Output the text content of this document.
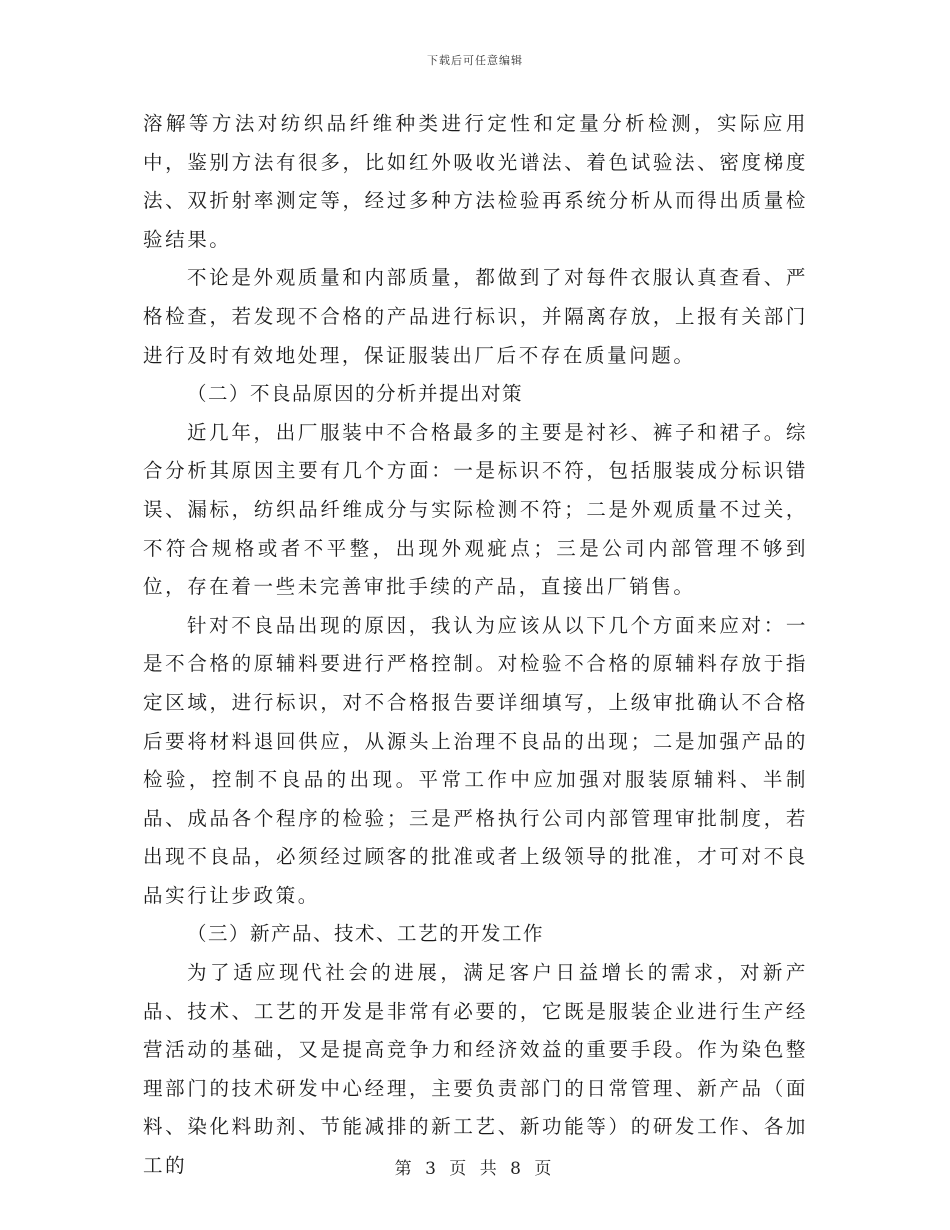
下载后可任意编辑

溶解等方法对纺织品纤维种类进行定性和定量分析检测，实际应用中，鉴别方法有很多，比如红外吸收光谱法、着色试验法、密度梯度法、双折射率测定等，经过多种方法检验再系统分析从而得出质量检验结果。

不论是外观质量和内部质量，都做到了对每件衣服认真查看、严格检查，若发现不合格的产品进行标识，并隔离存放，上报有关部门进行及时有效地处理，保证服装出厂后不存在质量问题。

（二）不良品原因的分析并提出对策

近几年，出厂服装中不合格最多的主要是衬衫、裤子和裙子。综合分析其原因主要有几个方面：一是标识不符，包括服装成分标识错误、漏标，纺织品纤维成分与实际检测不符；二是外观质量不过关，不符合规格或者不平整，出现外观疵点；三是公司内部管理不够到位，存在着一些未完善审批手续的产品，直接出厂销售。

针对不良品出现的原因，我认为应该从以下几个方面来应对：一是不合格的原辅料要进行严格控制。对检验不合格的原辅料存放于指定区域，进行标识，对不合格报告要详细填写，上级审批确认不合格后要将材料退回供应，从源头上治理不良品的出现；二是加强产品的检验，控制不良品的出现。平常工作中应加强对服装原辅料、半制品、成品各个程序的检验；三是严格执行公司内部管理审批制度，若出现不良品，必须经过顾客的批准或者上级领导的批准，才可对不良品实行让步政策。

（三）新产品、技术、工艺的开发工作

为了适应现代社会的进展，满足客户日益增长的需求，对新产品、技术、工艺的开发是非常有必要的，它既是服装企业进行生产经营活动的基础，又是提高竞争力和经济效益的重要手段。作为染色整理部门的技术研发中心经理，主要负责部门的日常管理、新产品（面料、染化料助剂、节能减排的新工艺、新功能等）的研发工作、各加工的	第 3 页 共 8 页
